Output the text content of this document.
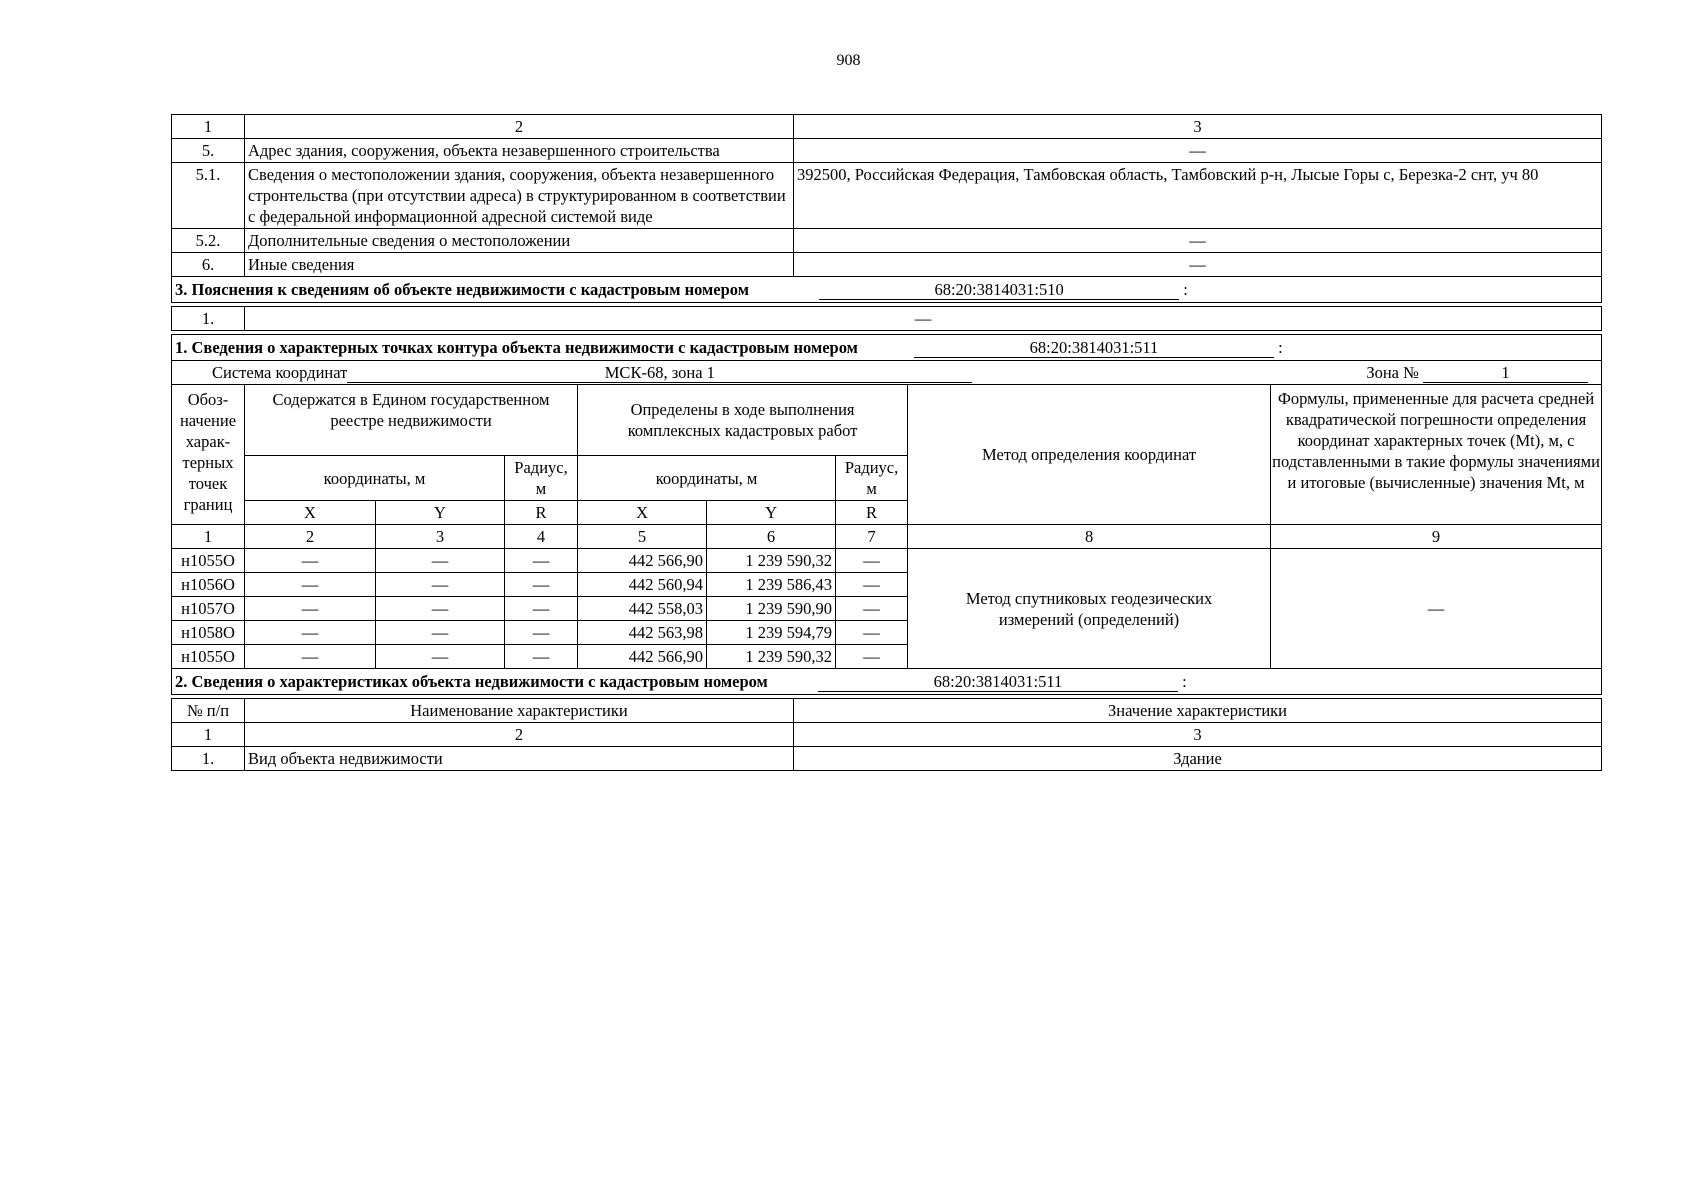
908
1	2	3
5.	Адрес здания, сооружения, объекта незавершенного строительства	—
5.1.	Сведения о местоположении здания, сооружения, объекта незавершенного стронтельства (при отсутствии адреса) в структурированном в соответствии с федеральной информационной адресной системой виде	392500, Российская Федерация, Тамбовская область, Тамбовский р-н, Лысые Горы с, Березка-2 снт, уч 80
5.2.	Дополнительные сведения о местоположении	—
6.	Иные сведения	—
3. Пояснения к сведениям об объекте недвижимости с кадастровым номером 68:20:3814031:510 :		
1.	—
1. Сведения о характерных точках контура объекта недвижимости с кадастровым номером	68:20:3814031:511	:
Система координат	МСК-68, зона 1	Зона №	1
Обоз-начение харак-терных точек границ	Содержатся в Едином государственном реестре недвижимости			Определены в ходе выполнения комплексных кадастровых работ			Метод определения координат	Формулы, примененные для расчета средней квадратической погрешности определения координат характерных точек (Mt), м, с подставленными в такие формулы значениями и итоговые (вычисленные) значения Mt, м
	координаты, м		Радиус, м	координаты, м		Радиус, м		
	X	Y	R	X	Y	R		
1	2	3	4	5	6	7	8	9
н1055О	—	—	—	442 566,90	1 239 590,32	—	Метод спутниковых геодезических измерений (определений)	—
н1056О	—	—	—	442 560,94	1 239 586,43	—		
н1057О	—	—	—	442 558,03	1 239 590,90	—		
н1058О	—	—	—	442 563,98	1 239 594,79	—		
н1055О	—	—	—	442 566,90	1 239 590,32	—		
2. Сведения о характеристиках объекта недвижимости с кадастровым номером 68:20:3814031:511 :								
№ п/п	Наименование характеристики	Значение характеристики
1	2	3
1.	Вид объекта недвижимости	Здание
